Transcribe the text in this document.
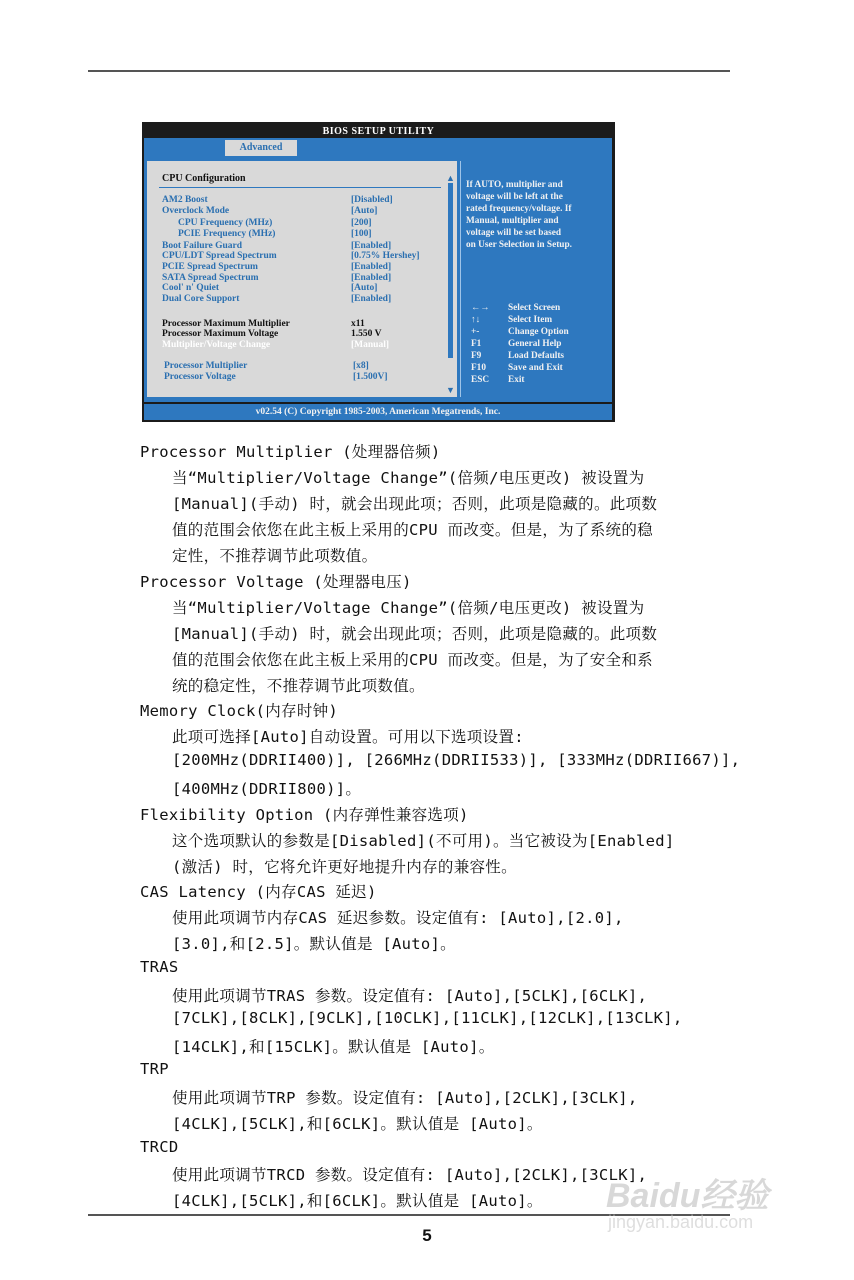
BIOS SETUP UTILITY
Advanced
CPU Configuration
AM2 Boost	[Disabled]
Overclock Mode	[Auto]
CPU Frequency (MHz)	[200]
PCIE Frequency (MHz)	[100]
Boot Failure Guard	[Enabled]
CPU/LDT Spread Spectrum	[0.75% Hershey]
PCIE Spread Spectrum	[Enabled]
SATA Spread Spectrum	[Enabled]
Cool' n' Quiet	[Auto]
Dual Core Support	[Enabled]
Processor Maximum Multiplier	x11
Processor Maximum Voltage	1.550 V
Multiplier/Voltage Change	[Manual]
Processor Multiplier	[x8]
Processor Voltage	[1.500V]
▲
▼
If AUTO, multiplier and
voltage will be left at the
rated frequency/voltage. If
Manual, multiplier and
voltage will be set based
on User Selection in Setup.
←→ Select Screen
↑↓	Select Item
+-	Change Option
F1	General Help
F9	Load Defaults
F10 Save and Exit
ESC Exit
v02.54 (C) Copyright 1985-2003, American Megatrends, Inc.
Processor Multiplier (处理器倍频)
当“Multiplier/Voltage Change”(倍频/电压更改) 被设置为
[Manual](手动) 时，就会出现此项；否则，此项是隐藏的。此项数
值的范围会依您在此主板上采用的CPU 而改变。但是，为了系统的稳
定性，不推荐调节此项数值。
Processor Voltage (处理器电压)
当“Multiplier/Voltage Change”(倍频/电压更改) 被设置为
[Manual](手动) 时，就会出现此项；否则，此项是隐藏的。此项数
值的范围会依您在此主板上采用的CPU 而改变。但是，为了安全和系
统的稳定性，不推荐调节此项数值。
Memory Clock(内存时钟)
此项可选择[Auto]自动设置。可用以下选项设置:
[200MHz(DDRII400)], [266MHz(DDRII533)], [333MHz(DDRII667)],
[400MHz(DDRII800)]。
Flexibility Option (内存弹性兼容选项)
这个选项默认的参数是[Disabled](不可用)。当它被设为[Enabled]
(激活) 时，它将允许更好地提升内存的兼容性。
CAS Latency (内存CAS 延迟)
使用此项调节内存CAS 延迟参数。设定值有: [Auto],[2.0],
[3.0],和[2.5]。默认值是 [Auto]。
TRAS
使用此项调节TRAS 参数。设定值有: [Auto],[5CLK],[6CLK],
[7CLK],[8CLK],[9CLK],[10CLK],[11CLK],[12CLK],[13CLK],
[14CLK],和[15CLK]。默认值是 [Auto]。
TRP
使用此项调节TRP 参数。设定值有: [Auto],[2CLK],[3CLK],
[4CLK],[5CLK],和[6CLK]。默认值是 [Auto]。
TRCD
使用此项调节TRCD 参数。设定值有: [Auto],[2CLK],[3CLK],
[4CLK],[5CLK],和[6CLK]。默认值是 [Auto]。
5
Baidu经验
jingyan.baidu.com
